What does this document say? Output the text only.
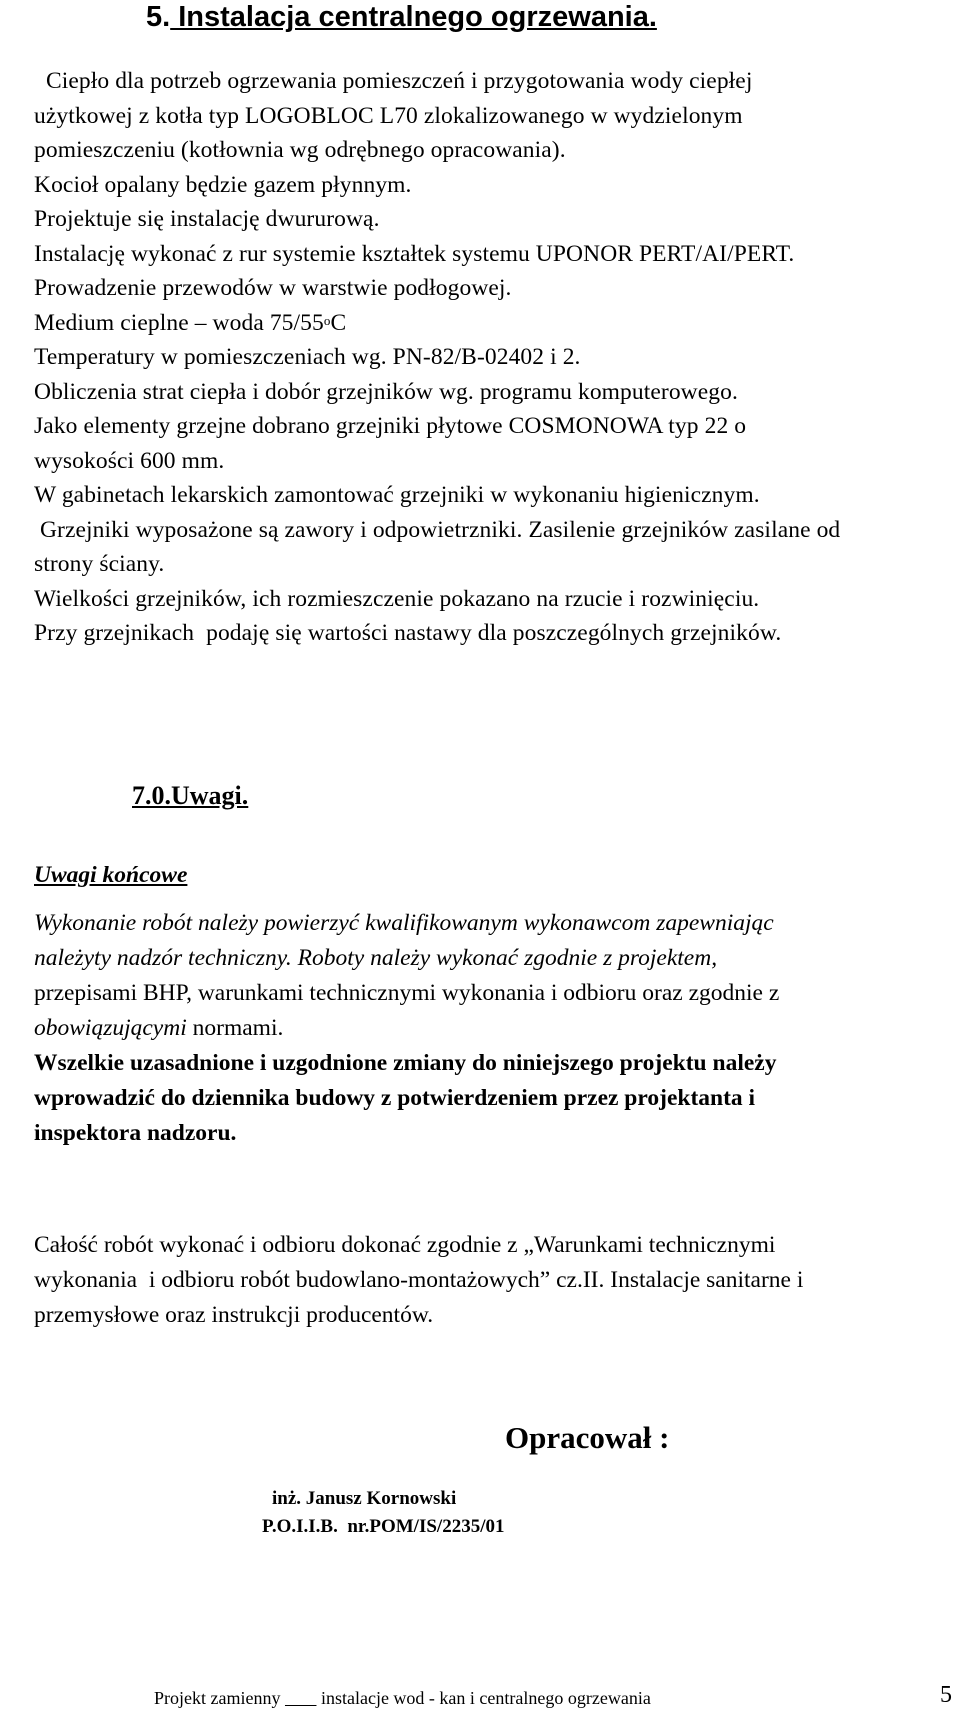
5. Instalacja centralnego ogrzewania.
Ciepło dla potrzeb ogrzewania pomieszczeń i przygotowania wody ciepłej
użytkowej z kotła typ LOGOBLOC L70 zlokalizowanego w wydzielonym
pomieszczeniu (kotłownia wg odrębnego opracowania).
Kocioł opalany będzie gazem płynnym.
Projektuje się instalację dwururową.
Instalację wykonać z rur systemie kształtek systemu UPONOR PERT/AI/PERT.
Prowadzenie przewodów w warstwie podłogowej.
Medium cieplne – woda 75/55$^o$C
Temperatury w pomieszczeniach wg. PN-82/B-02402 i 2.
Obliczenia strat ciepła i dobór grzejników wg. programu komputerowego.
Jako elementy grzejne dobrano grzejniki płytowe COSMONOWA typ 22 o
wysokości 600 mm.
W gabinetach lekarskich zamontować grzejniki w wykonaniu higienicznym.
Grzejniki wyposażone są zawory i odpowietrzniki. Zasilenie grzejników zasilane od
strony ściany.
Wielkości grzejników, ich rozmieszczenie pokazano na rzucie i rozwinięciu.
Przy grzejnikach  podaję się wartości nastawy dla poszczególnych grzejników.
7.0.Uwagi.
Uwagi końcowe
Wykonanie robót należy powierzyć kwalifikowanym wykonawcom zapewniając
należyty nadzór techniczny. Roboty należy wykonać zgodnie z projektem,
przepisami BHP, warunkami technicznymi wykonania i odbioru oraz zgodnie z
obowiązującymi normami.
Wszelkie uzasadnione i uzgodnione zmiany do niniejszego projektu należy
wprowadzić do dziennika budowy z potwierdzeniem przez projektanta i
inspektora nadzoru.
Całość robót wykonać i odbioru dokonać zgodnie z „Warunkami technicznymi
wykonania  i odbioru robót budowlano-montażowych” cz.II. Instalacje sanitarne i
przemysłowe oraz instrukcji producentów.
Opracował :
inż. Janusz Kornowski
P.O.I.I.B.  nr.POM/IS/2235/01
Projekt zamienny         instalacje wod - kan i centralnego ogrzewania	5
